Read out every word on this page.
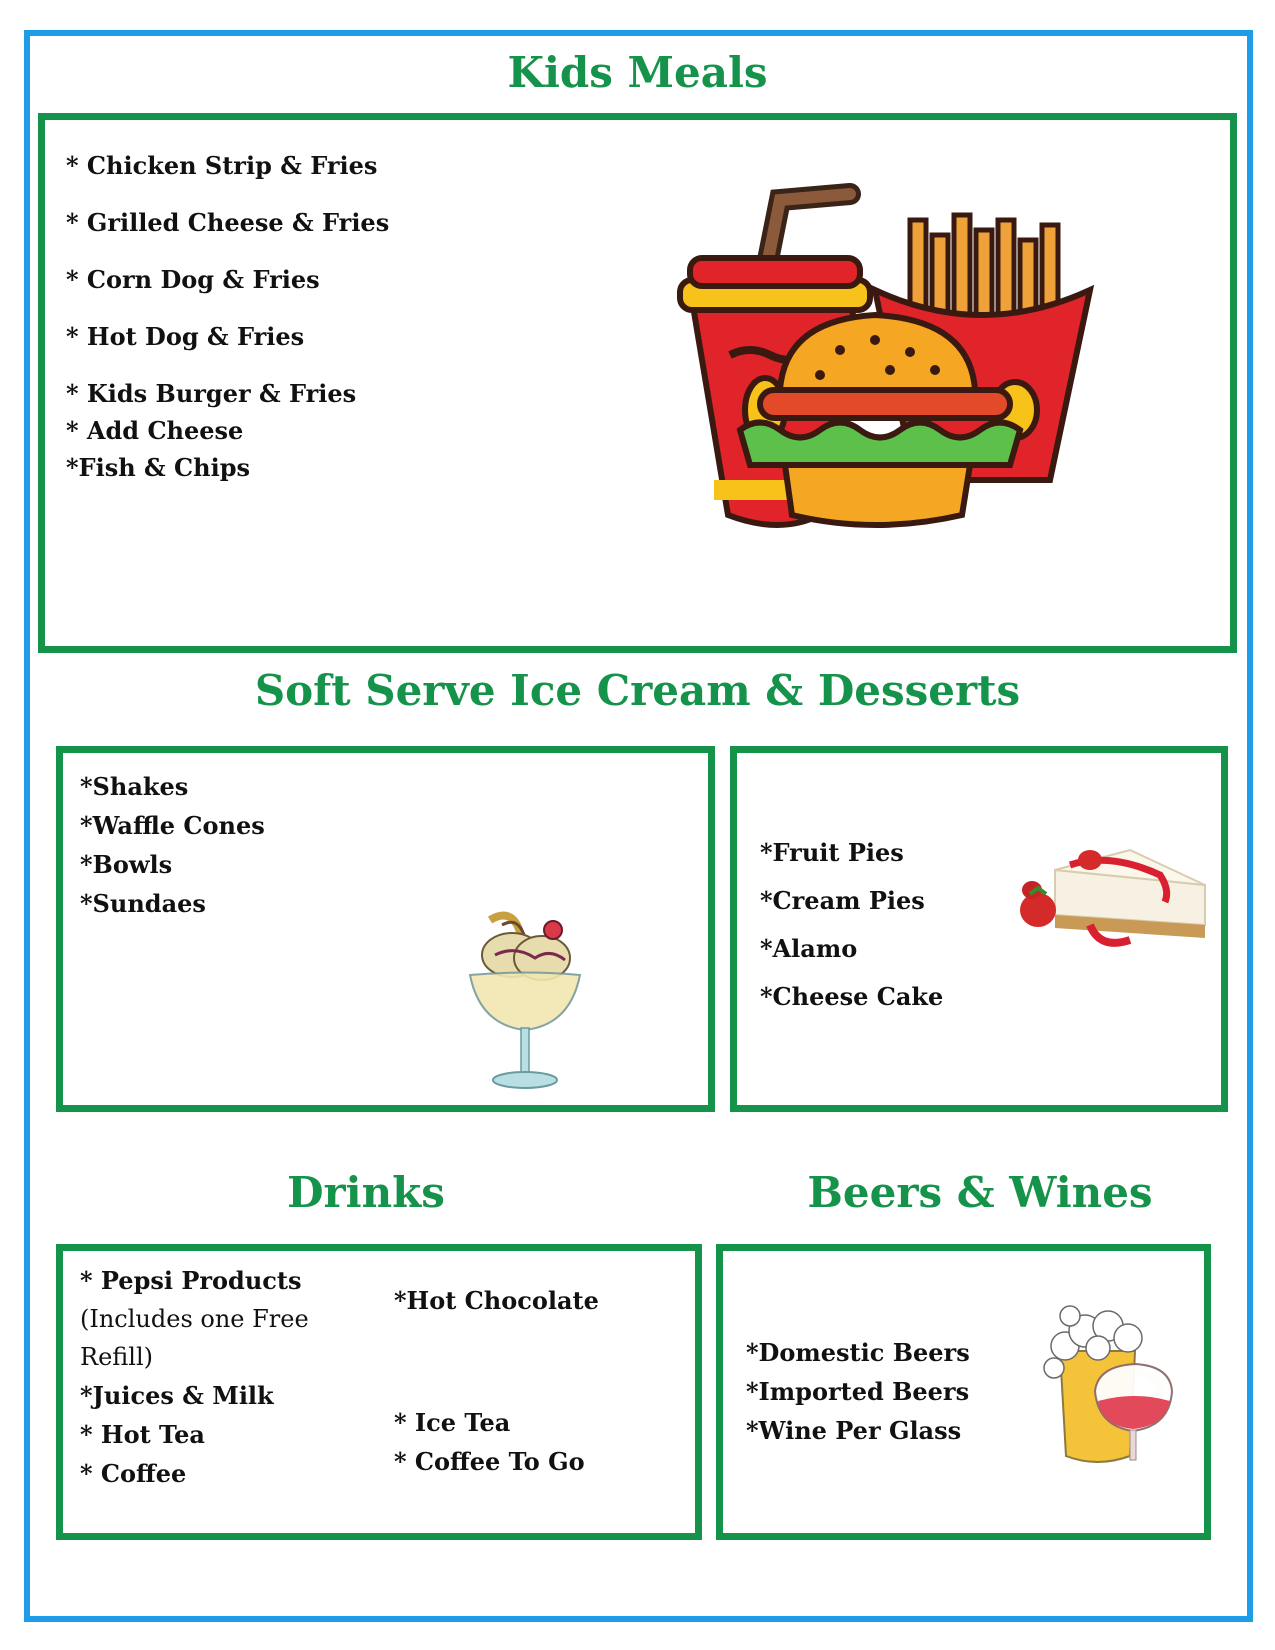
Kids Meals
* Chicken Strip & Fries
* Grilled Cheese & Fries
* Corn Dog & Fries
* Hot Dog & Fries
* Kids Burger & Fries
* Add Cheese
*Fish & Chips
Soft Serve Ice Cream & Desserts
*Shakes
*Waffle Cones
*Bowls
*Sundaes
*Fruit Pies
*Cream Pies
*Alamo
*Cheese Cake
Drinks
* Pepsi Products
(Includes one Free
Refill)
*Juices & Milk
* Hot Tea
* Coffee
*Hot Chocolate
* Ice Tea
* Coffee To Go
Beers & Wines
*Domestic Beers
*Imported Beers
*Wine Per Glass
